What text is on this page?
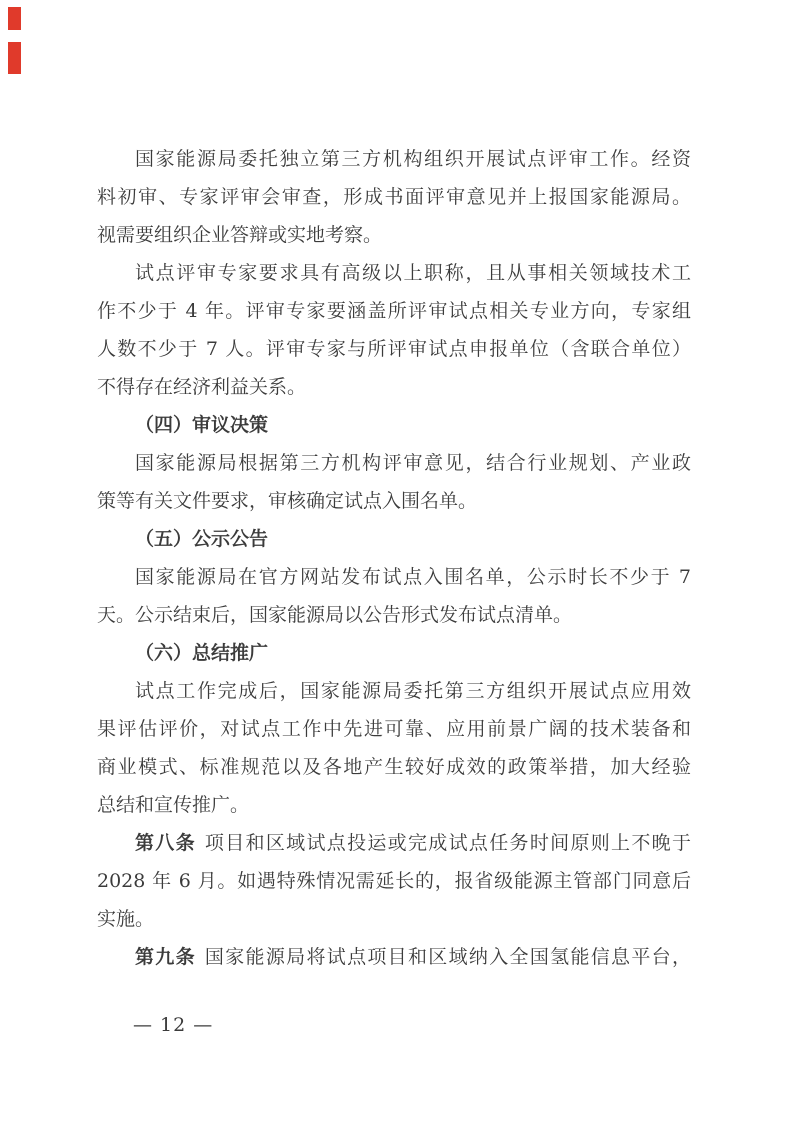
国家能源局委托独立第三方机构组织开展试点评审工作。经资
料初审、专家评审会审查，形成书面评审意见并上报国家能源局。
视需要组织企业答辩或实地考察。
试点评审专家要求具有高级以上职称，且从事相关领域技术工
作不少于 4 年。评审专家要涵盖所评审试点相关专业方向，专家组
人数不少于 7 人。评审专家与所评审试点申报单位（含联合单位）
不得存在经济利益关系。
（四）审议决策
国家能源局根据第三方机构评审意见，结合行业规划、产业政
策等有关文件要求，审核确定试点入围名单。
（五）公示公告
国家能源局在官方网站发布试点入围名单，公示时长不少于 7
天。公示结束后，国家能源局以公告形式发布试点清单。
（六）总结推广
试点工作完成后，国家能源局委托第三方组织开展试点应用效
果评估评价，对试点工作中先进可靠、应用前景广阔的技术装备和
商业模式、标准规范以及各地产生较好成效的政策举措，加大经验
总结和宣传推广。
第八条 项目和区域试点投运或完成试点任务时间原则上不晚于
2028 年 6 月。如遇特殊情况需延长的，报省级能源主管部门同意后
实施。
第九条 国家能源局将试点项目和区域纳入全国氢能信息平台，
— 12 —
